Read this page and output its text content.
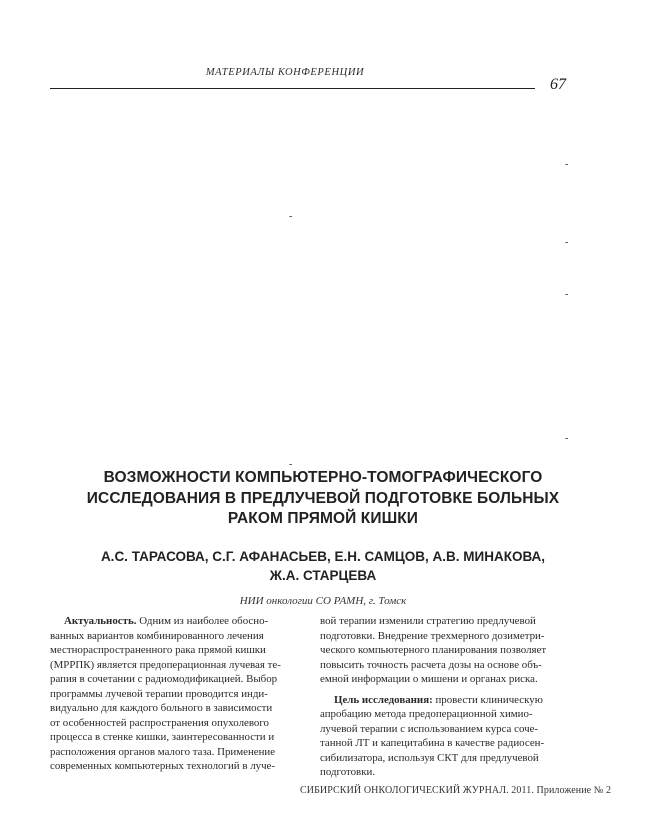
МАТЕРИАЛЫ КОНФЕРЕНЦИИ
67
-
-
-
-
-
-
ВОЗМОЖНОСТИ КОМПЬЮТЕРНО-ТОМОГРАФИЧЕСКОГО
ИССЛЕДОВАНИЯ В ПРЕДЛУЧЕВОЙ ПОДГОТОВКЕ БОЛЬНЫХ
РАКОМ ПРЯМОЙ КИШКИ
А.С. ТАРАСОВА, С.Г. АФАНАСЬЕВ, Е.Н. САМЦОВ, А.В. МИНАКОВА,
Ж.А. СТАРЦЕВА
НИИ онкологии СО РАМН, г. Томск
Актуальность. Одним из наиболее обосно-
ванных вариантов комбинированного лечения
местнораспространенного рака прямой кишки
(МРРПК) является предоперационная лучевая те-
рапия в сочетании с радиомодификацией. Выбор
программы лучевой терапии проводится инди-
видуально для каждого больного в зависимости
от особенностей распространения опухолевого
процесса в стенке кишки, заинтересованности и
расположения органов малого таза. Применение
современных компьютерных технологий в луче-
вой терапии изменили стратегию предлучевой
подготовки. Внедрение трехмерного дозиметри-
ческого компьютерного планирования позволяет
повысить точность расчета дозы на основе объ-
емной информации о мишени и органах риска.
Цель исследования: провести клиническую
апробацию метода предоперационной химио-
лучевой терапии с использованием курса соче-
танной ЛТ и капецитабина в качестве радиосен-
сибилизатора, используя СКТ для предлучевой
подготовки.
СИБИРСКИЙ ОНКОЛОГИЧЕСКИЙ ЖУРНАЛ. 2011. Приложение № 2
